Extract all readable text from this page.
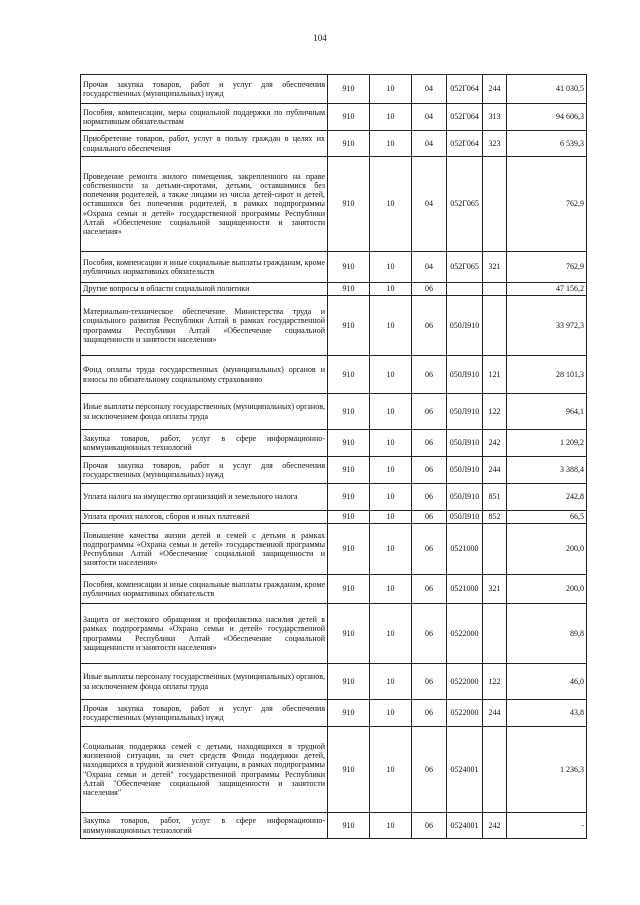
104
Прочая закупка товаров, работ и услуг для обеспечения государственных (муниципальных) нужд	910	10	04	052Г064	244	41 030,5
Пособия, компенсации, меры социальной поддержки по публичным нормативным обязательствам	910	10	04	052Г064	313	94 606,3
Приобретение товаров, работ, услуг в пользу граждан в целях их социального обеспечения	910	10	04	052Г064	323	6 539,3
Проведение ремонта жилого помещения, закрепленного на праве собственности за детьми-сиротами, детьми, оставшимися без попечения родителей, а также лицами из числа детей-сирот и детей, оставшихся без попечения родителей, в рамках подпрограммы «Охрана семьи и детей» государственной программы Республики Алтай «Обеспечение социальной защищенности и занятости населения»	910	10	04	052Г065		762,9
Пособия, компенсации и иные социальные выплаты гражданам, кроме публичных нормативных обязательств	910	10	04	052Г065	321	762,9
Другие вопросы в области социальной политики	910	10	06			47 156,2
Материально-техническое обеспечение Министерства труда и социального развития Республики Алтай в рамках государственной программы Республики Алтай «Обеспечение социальной защищенности и занятости населения»	910	10	06	050Л910		33 972,3
Фонд оплаты труда государственных (муниципальных) органов и взносы по обязательному социальному страхованию	910	10	06	050Л910	121	28 101,3
Иные выплаты персоналу государственных (муниципальных) органов, за исключением фонда оплаты труда	910	10	06	050Л910	122	964,1
Закупка товаров, работ, услуг в сфере информационно-коммуникационных технологий	910	10	06	050Л910	242	1 209,2
Прочая закупка товаров, работ и услуг для обеспечения государственных (муниципальных) нужд	910	10	06	050Л910	244	3 388,4
Уплата налога на имущество организаций и земельного налога	910	10	06	050Л910	851	242,8
Уплата прочих налогов, сборов и иных платежей	910	10	06	050Л910	852	66,5
Повышение качества жизни детей и семей с детьми в рамках подпрограммы «Охрана семьи и детей» государственной программы Республики Алтай «Обеспечение социальной защищенности и занятости населения»	910	10	06	0521000		200,0
Пособия, компенсации и иные социальные выплаты гражданам, кроме публичных нормативных обязательств	910	10	06	0521000	321	200,0
Защита от жестокого обращения и профилактика насилия детей в рамках подпрограммы «Охрана семьи и детей» государственной программы Республики Алтай «Обеспечение социальной защищенности и занятости населения»	910	10	06	0522000		89,8
Иные выплаты персоналу государственных (муниципальных) органов, за исключением фонда оплаты труда	910	10	06	0522000	122	46,0
Прочая закупка товаров, работ и услуг для обеспечения государственных (муниципальных) нужд	910	10	06	0522000	244	43,8
Социальная поддержка семей с детьми, находящихся в трудной жизненной ситуации, за счет средств Фонда поддержки детей, находящихся в трудной жизненной ситуации, в рамках подпрограммы "Охрана семьи и детей" государственной программы Республики Алтай "Обеспечение социальной защищенности и занятости населения"	910	10	06	0524001		1 236,3
Закупка товаров, работ, услуг в сфере информационно-коммуникационных технологий	910	10	06	0524001	242	-
